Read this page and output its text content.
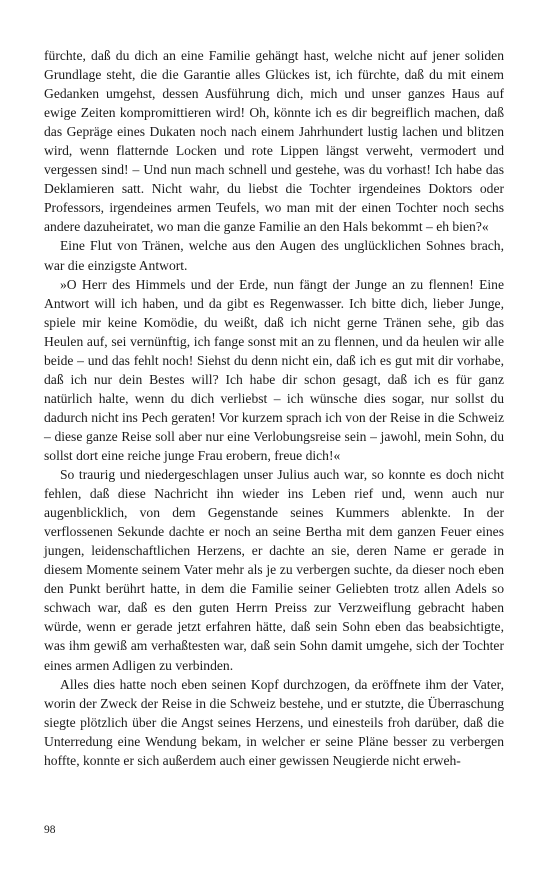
fürchte, daß du dich an eine Familie gehängt hast, welche nicht auf jener soliden Grundlage steht, die die Garantie alles Glückes ist, ich fürchte, daß du mit einem Gedanken umgehst, dessen Ausführung dich, mich und unser ganzes Haus auf ewige Zeiten kompromittieren wird! Oh, könnte ich es dir begreiflich machen, daß das Gepräge eines Dukaten noch nach einem Jahrhundert lustig lachen und blitzen wird, wenn flatternde Locken und rote Lippen längst verweht, vermodert und vergessen sind! – Und nun mach schnell und gestehe, was du vorhast! Ich habe das Deklamieren satt. Nicht wahr, du liebst die Tochter irgendeines Doktors oder Professors, irgendeines armen Teufels, wo man mit der einen Tochter noch sechs andere dazuheiratet, wo man die ganze Familie an den Hals bekommt – eh bien?«

Eine Flut von Tränen, welche aus den Augen des unglücklichen Sohnes brach, war die einzigste Antwort.

»O Herr des Himmels und der Erde, nun fängt der Junge an zu flennen! Eine Antwort will ich haben, und da gibt es Regenwasser. Ich bitte dich, lieber Junge, spiele mir keine Komödie, du weißt, daß ich nicht gerne Tränen sehe, gib das Heulen auf, sei vernünftig, ich fange sonst mit an zu flennen, und da heulen wir alle beide – und das fehlt noch! Siehst du denn nicht ein, daß ich es gut mit dir vorhabe, daß ich nur dein Bestes will? Ich habe dir schon gesagt, daß ich es für ganz natürlich halte, wenn du dich verliebst – ich wünsche dies sogar, nur sollst du dadurch nicht ins Pech geraten! Vor kurzem sprach ich von der Reise in die Schweiz – diese ganze Reise soll aber nur eine Verlobungsreise sein – jawohl, mein Sohn, du sollst dort eine reiche junge Frau erobern, freue dich!«

So traurig und niedergeschlagen unser Julius auch war, so konnte es doch nicht fehlen, daß diese Nachricht ihn wieder ins Leben rief und, wenn auch nur augenblicklich, von dem Gegenstande seines Kummers ablenkte. In der verflossenen Sekunde dachte er noch an seine Bertha mit dem ganzen Feuer eines jungen, leidenschaftlichen Herzens, er dachte an sie, deren Name er gerade in diesem Momente seinem Vater mehr als je zu verbergen suchte, da dieser noch eben den Punkt berührt hatte, in dem die Familie seiner Geliebten trotz allen Adels so schwach war, daß es den guten Herrn Preiss zur Verzweiflung gebracht haben würde, wenn er gerade jetzt erfahren hätte, daß sein Sohn eben das beabsichtigte, was ihm gewiß am verhaßtesten war, daß sein Sohn damit umgehe, sich der Tochter eines armen Adligen zu verbinden.

Alles dies hatte noch eben seinen Kopf durchzogen, da eröffnete ihm der Vater, worin der Zweck der Reise in die Schweiz bestehe, und er stutzte, die Überraschung siegte plötzlich über die Angst seines Herzens, und einesteils froh darüber, daß die Unterredung eine Wendung bekam, in welcher er seine Pläne besser zu verbergen hoffte, konnte er sich außerdem auch einer gewissen Neugierde nicht erweh-

98
